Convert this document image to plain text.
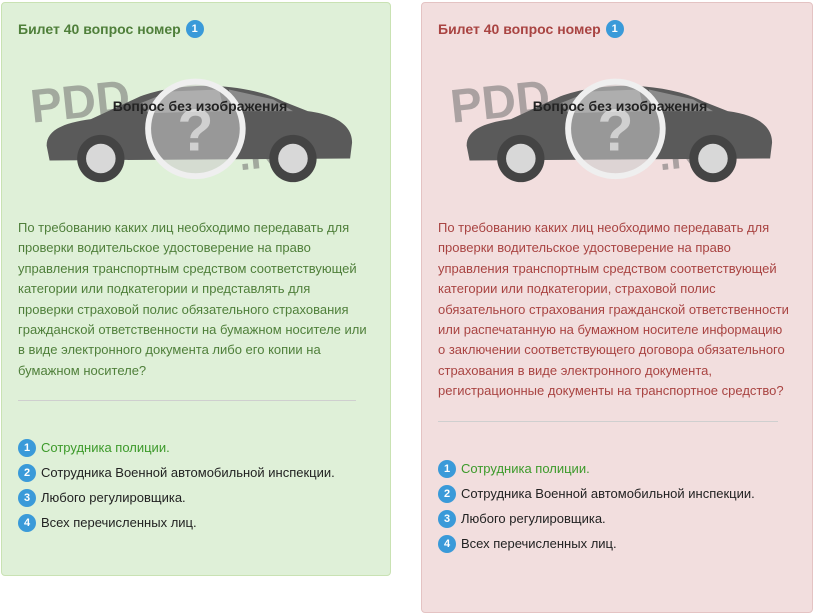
Билет 40 вопрос номер 1
Вопрос без изображения

По требованию каких лиц необходимо передавать для проверки водительское удостоверение на право управления транспортным средством соответствующей категории или подкатегории и представлять для проверки страховой полис обязательного страхования гражданской ответственности на бумажном носителе или в виде электронного документа либо его копии на бумажном носителе?

1 Сотрудника полиции.
2 Сотрудника Военной автомобильной инспекции.
3 Любого регулировщика.
4 Всех перечисленных лиц.
Билет 40 вопрос номер 1
Вопрос без изображения

По требованию каких лиц необходимо передавать для проверки водительское удостоверение на право управления транспортным средством соответствующей категории или подкатегории, страховой полис обязательного страхования гражданской ответственности или распечатанную на бумажном носителе информацию о заключении соответствующего договора обязательного страхования в виде электронного документа, регистрационные документы на транспортное средство?

1 Сотрудника полиции.
2 Сотрудника Военной автомобильной инспекции.
3 Любого регулировщика.
4 Всех перечисленных лиц.
